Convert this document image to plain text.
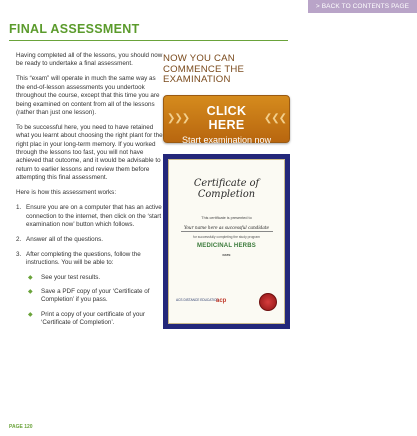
> BACK TO CONTENTS PAGE
FINAL ASSESSMENT

Having completed all of the lessons, you should now be ready to undertake a final assessment.

This “exam” will operate in much the same way as the end-of-lesson assessments you undertook throughout the course, except that this time you are being examined on content from all of the lessons (rather than just one lesson).

To be successful here, you need to have retained what you learnt about choosing the right plant for the right plac in your long-term memory. If you worked through the lessons too fast, you will not have achieved that outcome, and it would be advisable to return to earlier lessons and review them before attempting this final assessment.

Here is how this assessment works:

1. Ensure you are on a computer that has an active connection to the internet, then click on the ‘start examination now’ button which follows.
2. Answer all of the questions.
3. After completing the questions, follow the instructions. You will be able to:
◆	See your test results.
◆	Save a PDF copy of your ‘Certificate of Completion’ if you pass.
◆	Print a copy of your certificate of your ‘Certificate of Completion’.
NOW YOU CAN COMMENCE THE EXAMINATION
❯❯❯	CLICK HERE	❮❮❮
Start examination now
Certificate of Completion
This certificate is presented to
Your name here as successful candidate
for successfully completing the study program
MEDICINAL HERBS
DATE
ACS DISTANCE EDUCATION
acp
PAGE 120
